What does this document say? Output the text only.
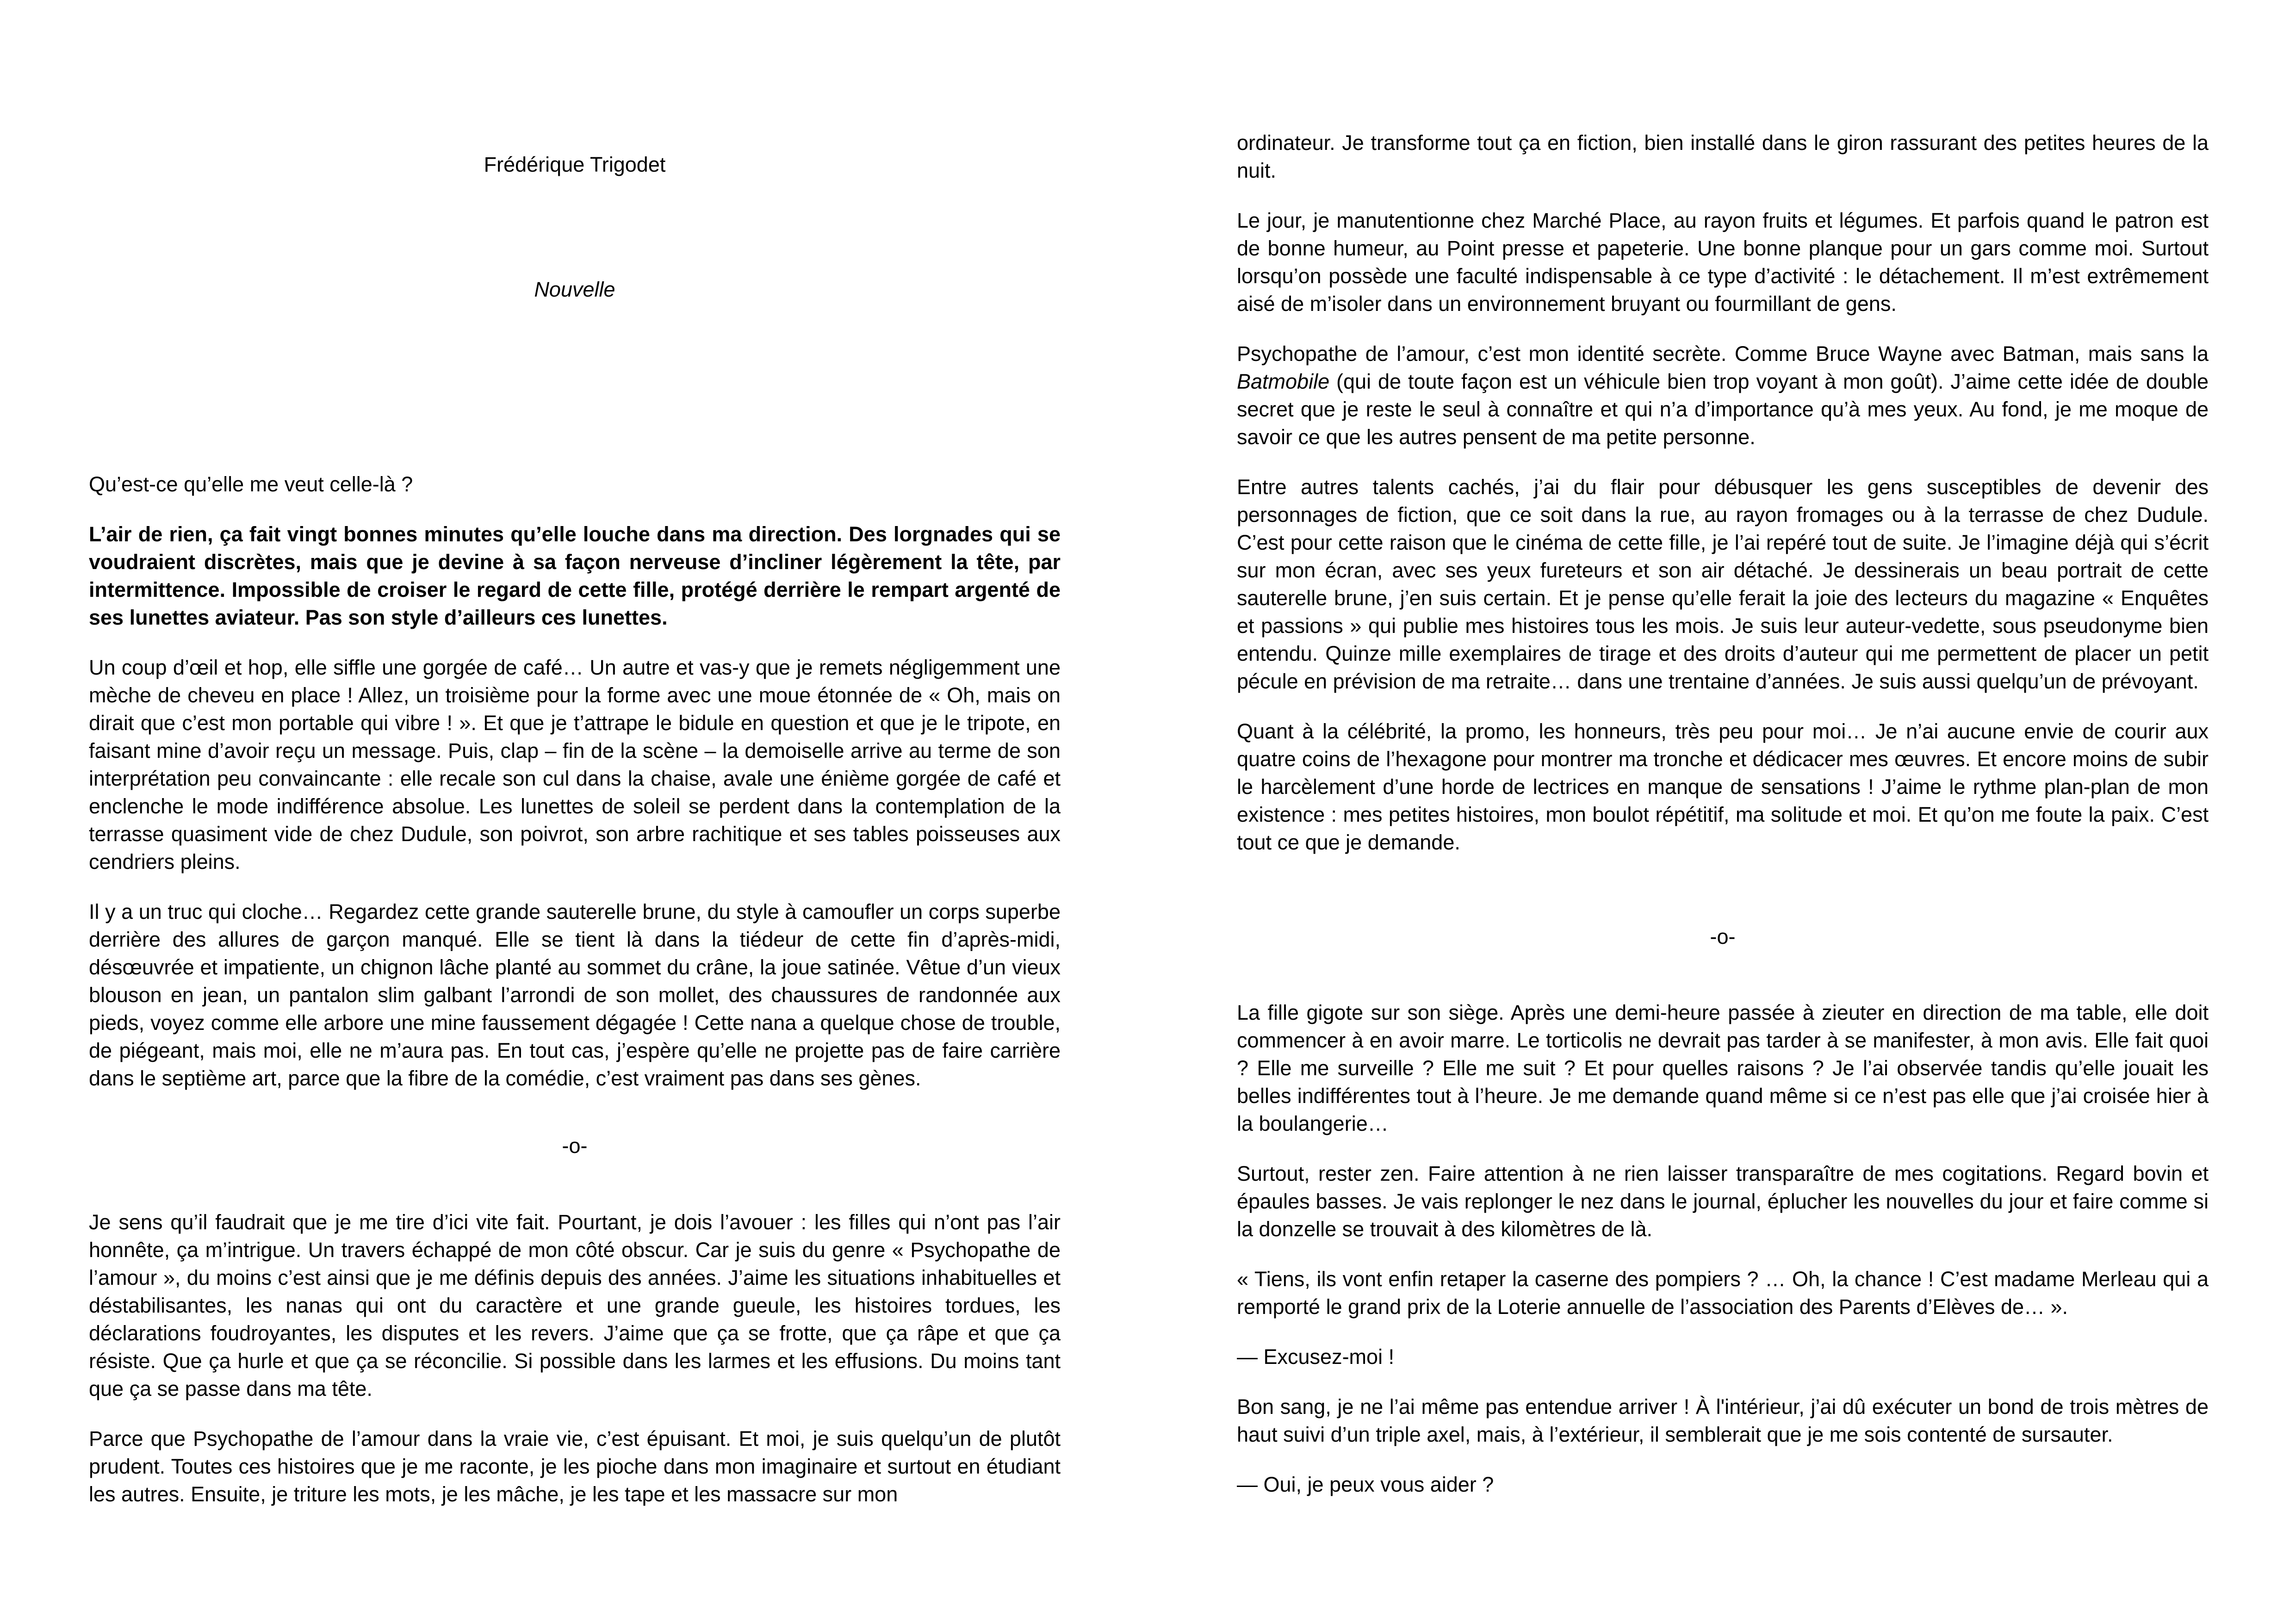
Frédérique Trigodet
Nouvelle

Qu’est-ce qu’elle me veut celle-là ?

L’air de rien, ça fait vingt bonnes minutes qu’elle louche dans ma direction. Des lorgnades qui se voudraient discrètes, mais que je devine à sa façon nerveuse d’incliner légèrement la tête, par intermittence. Impossible de croiser le regard de cette fille, protégé derrière le rempart argenté de ses lunettes aviateur. Pas son style d’ailleurs ces lunettes.

Un coup d’œil et hop, elle siffle une gorgée de café… Un autre et vas-y que je remets négligemment une mèche de cheveu en place ! Allez, un troisième pour la forme avec une moue étonnée de « Oh, mais on dirait que c’est mon portable qui vibre ! ». Et que je t’attrape le bidule en question et que je le tripote, en faisant mine d’avoir reçu un message. Puis, clap – fin de la scène – la demoiselle arrive au terme de son interprétation peu convaincante : elle recale son cul dans la chaise, avale une énième gorgée de café et enclenche le mode indifférence absolue. Les lunettes de soleil se perdent dans la contemplation de la terrasse quasiment vide de chez Dudule, son poivrot, son arbre rachitique et ses tables poisseuses aux cendriers pleins.

Il y a un truc qui cloche… Regardez cette grande sauterelle brune, du style à camoufler un corps superbe derrière des allures de garçon manqué. Elle se tient là dans la tiédeur de cette fin d’après-midi, désœuvrée et impatiente, un chignon lâche planté au sommet du crâne, la joue satinée. Vêtue d’un vieux blouson en jean, un pantalon slim galbant l’arrondi de son mollet, des chaussures de randonnée aux pieds, voyez comme elle arbore une mine faussement dégagée ! Cette nana a quelque chose de trouble, de piégeant, mais moi, elle ne m’aura pas. En tout cas, j’espère qu’elle ne projette pas de faire carrière dans le septième art, parce que la fibre de la comédie, c’est vraiment pas dans ses gènes.

-o-

Je sens qu’il faudrait que je me tire d’ici vite fait. Pourtant, je dois l’avouer : les filles qui n’ont pas l’air honnête, ça m’intrigue. Un travers échappé de mon côté obscur. Car je suis du genre « Psychopathe de l’amour », du moins c’est ainsi que je me définis depuis des années. J’aime les situations inhabituelles et déstabilisantes, les nanas qui ont du caractère et une grande gueule, les histoires tordues, les déclarations foudroyantes, les disputes et les revers. J’aime que ça se frotte, que ça râpe et que ça résiste. Que ça hurle et que ça se réconcilie. Si possible dans les larmes et les effusions. Du moins tant que ça se passe dans ma tête.

Parce que Psychopathe de l’amour dans la vraie vie, c’est épuisant. Et moi, je suis quelqu’un de plutôt prudent. Toutes ces histoires que je me raconte, je les pioche dans mon imaginaire et surtout en étudiant les autres. Ensuite, je triture les mots, je les mâche, je les tape et les massacre sur mon

ordinateur. Je transforme tout ça en fiction, bien installé dans le giron rassurant des petites heures de la nuit.

Le jour, je manutentionne chez Marché Place, au rayon fruits et légumes. Et parfois quand le patron est de bonne humeur, au Point presse et papeterie. Une bonne planque pour un gars comme moi. Surtout lorsqu’on possède une faculté indispensable à ce type d’activité : le détachement. Il m’est extrêmement aisé de m’isoler dans un environnement bruyant ou fourmillant de gens.

Psychopathe de l’amour, c’est mon identité secrète. Comme Bruce Wayne avec Batman, mais sans la Batmobile (qui de toute façon est un véhicule bien trop voyant à mon goût). J’aime cette idée de double secret que je reste le seul à connaître et qui n’a d’importance qu’à mes yeux. Au fond, je me moque de savoir ce que les autres pensent de ma petite personne.

Entre autres talents cachés, j’ai du flair pour débusquer les gens susceptibles de devenir des personnages de fiction, que ce soit dans la rue, au rayon fromages ou à la terrasse de chez Dudule. C’est pour cette raison que le cinéma de cette fille, je l’ai repéré tout de suite. Je l’imagine déjà qui s’écrit sur mon écran, avec ses yeux fureteurs et son air détaché. Je dessinerais un beau portrait de cette sauterelle brune, j’en suis certain. Et je pense qu’elle ferait la joie des lecteurs du magazine « Enquêtes et passions » qui publie mes histoires tous les mois. Je suis leur auteur-vedette, sous pseudonyme bien entendu. Quinze mille exemplaires de tirage et des droits d’auteur qui me permettent de placer un petit pécule en prévision de ma retraite… dans une trentaine d’années. Je suis aussi quelqu’un de prévoyant.

Quant à la célébrité, la promo, les honneurs, très peu pour moi… Je n’ai aucune envie de courir aux quatre coins de l’hexagone pour montrer ma tronche et dédicacer mes œuvres. Et encore moins de subir le harcèlement d’une horde de lectrices en manque de sensations ! J’aime le rythme plan-plan de mon existence : mes petites histoires, mon boulot répétitif, ma solitude et moi. Et qu’on me foute la paix. C’est tout ce que je demande.

-o-

La fille gigote sur son siège. Après une demi-heure passée à zieuter en direction de ma table, elle doit commencer à en avoir marre. Le torticolis ne devrait pas tarder à se manifester, à mon avis. Elle fait quoi ? Elle me surveille ? Elle me suit ? Et pour quelles raisons ? Je l’ai observée tandis qu’elle jouait les belles indifférentes tout à l’heure. Je me demande quand même si ce n’est pas elle que j’ai croisée hier à la boulangerie…

Surtout, rester zen. Faire attention à ne rien laisser transparaître de mes cogitations. Regard bovin et épaules basses. Je vais replonger le nez dans le journal, éplucher les nouvelles du jour et faire comme si la donzelle se trouvait à des kilomètres de là.

« Tiens, ils vont enfin retaper la caserne des pompiers ? … Oh, la chance ! C’est madame Merleau qui a remporté le grand prix de la Loterie annuelle de l’association des Parents d’Elèves de… ».

— Excusez-moi !

Bon sang, je ne l’ai même pas entendue arriver ! À l'intérieur, j’ai dû exécuter un bond de trois mètres de haut suivi d’un triple axel, mais, à l’extérieur, il semblerait que je me sois contenté de sursauter.

— Oui, je peux vous aider ?
